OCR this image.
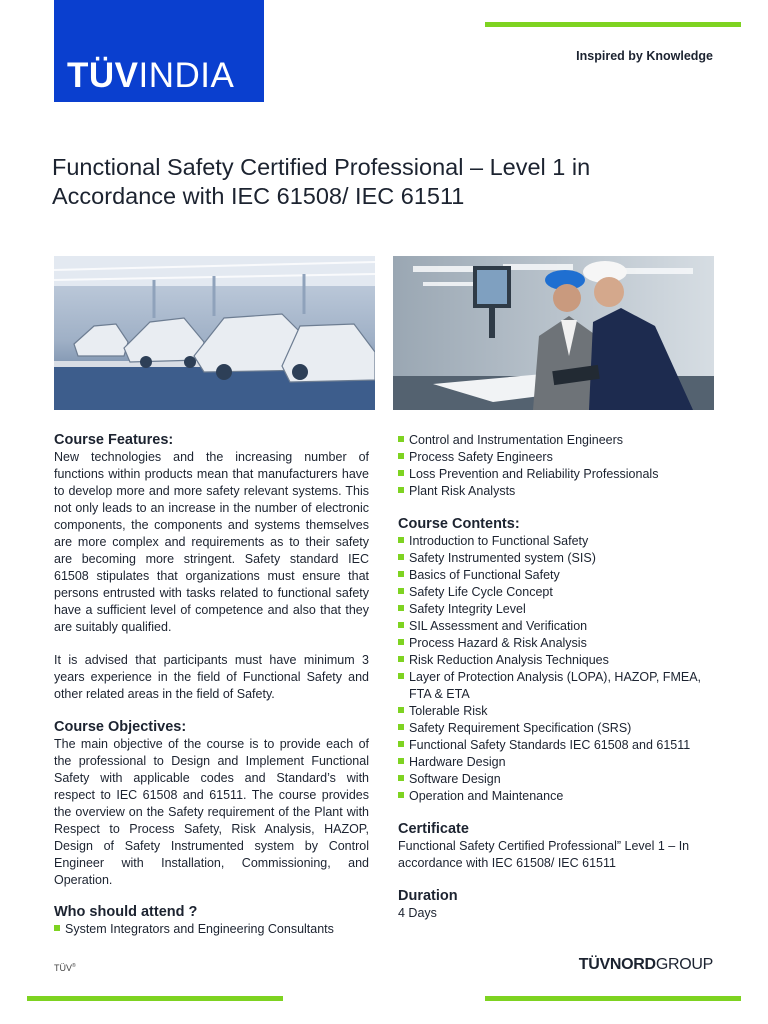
TÜVINDIA	Inspired by Knowledge
Functional Safety Certified Professional – Level 1 in Accordance with IEC 61508/ IEC 61511
Course Features:

New technologies and the increasing number of functions within products mean that manufacturers have to develop more and more safety relevant systems. This not only leads to an increase in the number of electronic components, the components and systems themselves are more complex and requirements as to their safety are becoming more stringent. Safety standard IEC 61508 stipulates that organizations must ensure that persons entrusted with tasks related to functional safety have a sufficient level of competence and also that they are suitably qualified.

It is advised that participants must have minimum 3 years experience in the field of Functional Safety and other related areas in the field of Safety.

Course Objectives:

The main objective of the course is to provide each of the professional to Design and Implement Functional Safety with applicable codes and Standard’s with respect to IEC 61508 and 61511. The course provides the overview on the Safety requirement of the Plant with Respect to Process Safety, Risk Analysis, HAZOP, Design of Safety Instrumented system by Control Engineer with Installation, Commissioning, and Operation.

Who should attend ?
System Integrators and Engineering Consultants
Control and Instrumentation Engineers
Process Safety Engineers
Loss Prevention and Reliability Professionals
Plant Risk Analysts
Course Contents:
Introduction to Functional Safety
Safety Instrumented system (SIS)
Basics of Functional Safety
Safety Life Cycle Concept
Safety Integrity Level
SIL Assessment and Verification
Process Hazard & Risk Analysis
Risk Reduction Analysis Techniques
Layer of Protection Analysis (LOPA), HAZOP, FMEA, FTA & ETA
Tolerable Risk
Safety Requirement Specification (SRS)
Functional Safety Standards IEC 61508 and 61511
Hardware Design
Software Design
Operation and Maintenance
Certificate

Functional Safety Certified Professional” Level 1 – In accordance with IEC 61508/ IEC 61511

Duration

4 Days

TÜV®	TÜVNORDGROUP
